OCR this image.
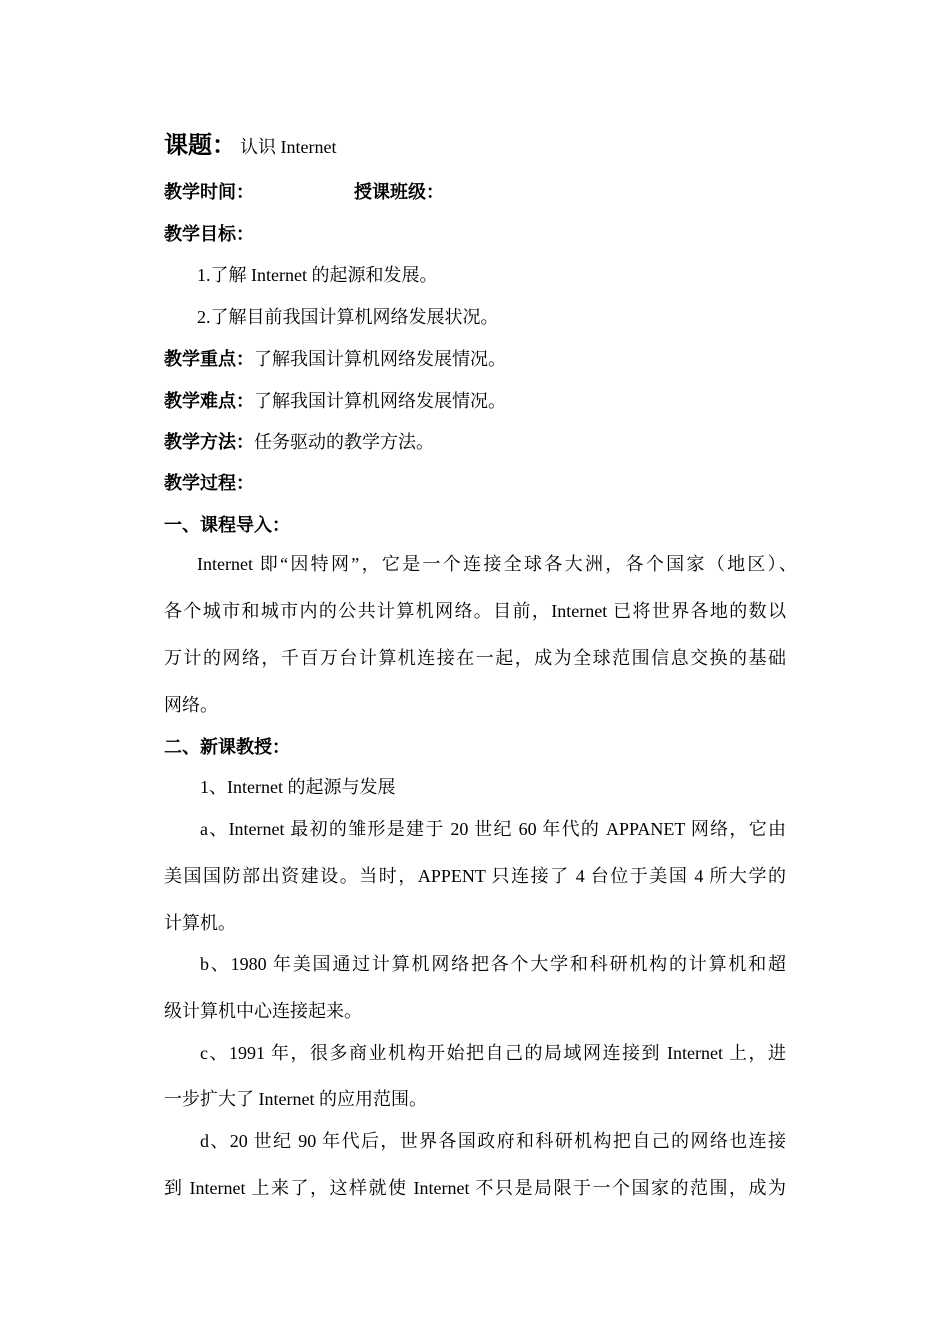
课题： 认识 Internet
教学时间：	授课班级：
教学目标：
1.了解 Internet 的起源和发展。
2.了解目前我国计算机网络发展状况。
教学重点：了解我国计算机网络发展情况。
教学难点：了解我国计算机网络发展情况。
教学方法：任务驱动的教学方法。
教学过程：
一、课程导入：
Internet 即“因特网”，它是一个连接全球各大洲，各个国家（地区）、
各个城市和城市内的公共计算机网络。目前，Internet 已将世界各地的数以
万计的网络，千百万台计算机连接在一起，成为全球范围信息交换的基础
网络。
二、新课教授：
1、Internet 的起源与发展
a、Internet 最初的雏形是建于 20 世纪 60 年代的 APPANET 网络，它由
美国国防部出资建设。当时，APPENT 只连接了 4 台位于美国 4 所大学的
计算机。
b、1980 年美国通过计算机网络把各个大学和科研机构的计算机和超
级计算机中心连接起来。
c、1991 年，很多商业机构开始把自己的局域网连接到 Internet 上，进
一步扩大了 Internet 的应用范围。
d、20 世纪 90 年代后，世界各国政府和科研机构把自己的网络也连接
到 Internet 上来了，这样就使 Internet 不只是局限于一个国家的范围，成为
